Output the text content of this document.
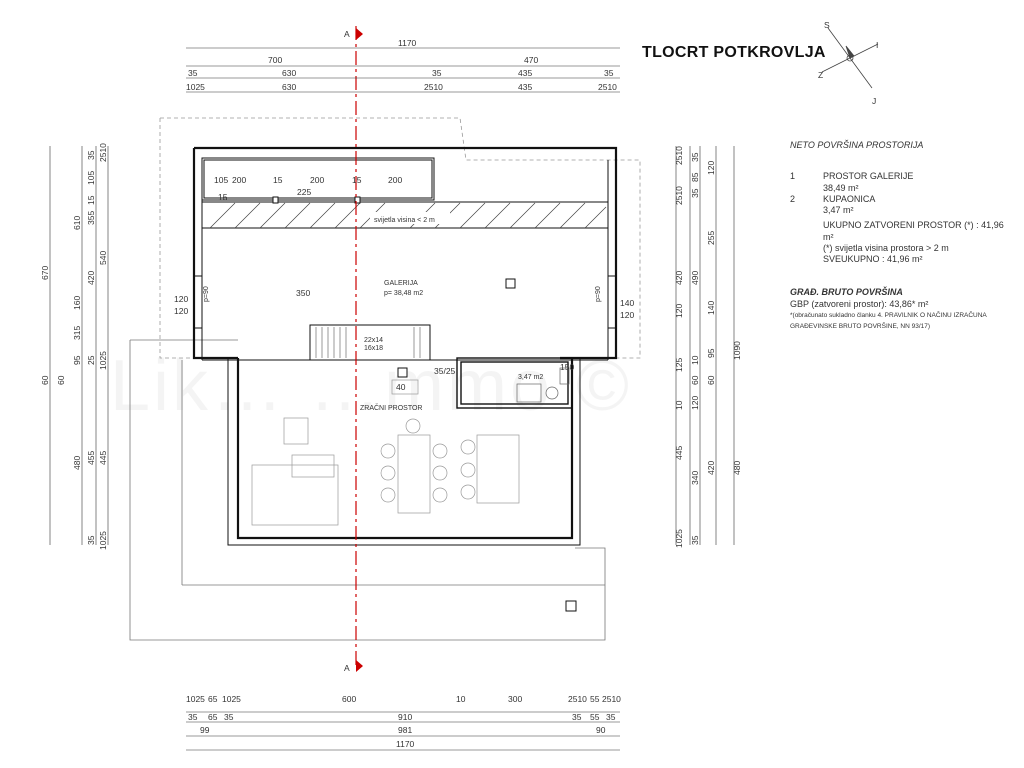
TLOCRT POTKROVLJA
A
A
1170
700	470
35	630	35	435	35
1025	630	2510	435	2510
105 200	15	200	15	200
15	225
350
120
120
140
120
40
35/25	150
1025 65 1025	600	10	300	2510 55 2510
35 65 35	910	35 55 35
99	981	90
1170
670
610 355
540
35
105
15
420
160
315
25
95
60 60
1025
480 455 445
35 1025
2510	2510 35
85
120
255
35
2510
420 490
140
120
95
10
125
60 60
10 120
1090
445
340
420 480
1025 35
svijetla visina < 2 m
GALERIJA
p= 38,48 m2
22x14
16x18
ZRAČNI PROSTOR
3,47 m2
p=90	p=90
S
I
J
Z
NETO POVRŠINA PROSTORIJA
1	PROSTOR GALERIJE
38,49 m²
2	KUPAONICA
3,47 m²
UKUPNO ZATVORENI PROSTOR (*) : 41,96 m²
(*) svijetla visina prostora > 2 m
SVEUKUPNO : 41,96 m²
GRAĐ. BRUTO POVRŠINA
GBP (zatvoreni prostor): 43,86* m²
*(obračunato sukladno članku 4. PRAVILNIK O NAČINU IZRAČUNA
GRAĐEVINSKE BRUTO POVRŠINE, NN 93/17)
